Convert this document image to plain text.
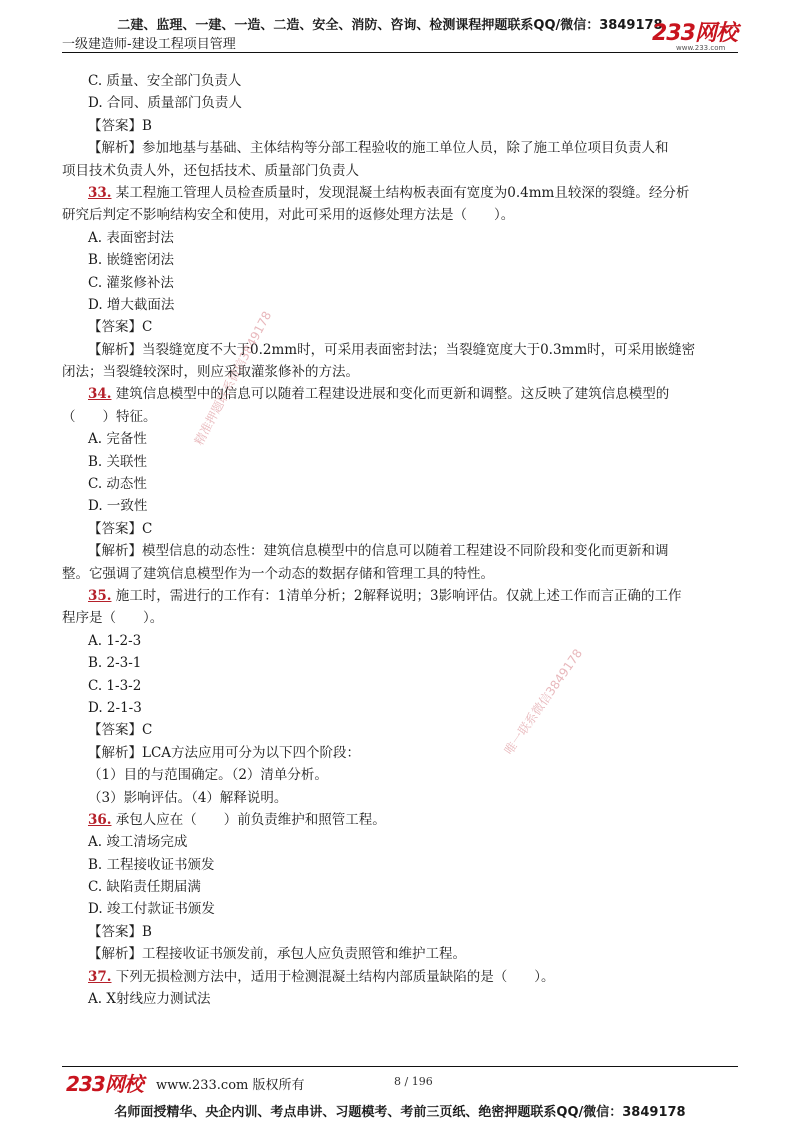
二建、监理、一建、一造、二造、安全、消防、咨询、检测课程押题联系QQ/微信：3849178
一级建造师-建设工程项目管理	233网校
www.233.com
精准押题联系微信3849178
唯一联系微信3849178
C. 质量、安全部门负责人
D. 合同、质量部门负责人
【答案】B
【解析】参加地基与基础、主体结构等分部工程验收的施工单位人员，除了施工单位项目负责人和
项目技术负责人外，还包括技术、质量部门负责人
33. 某工程施工管理人员检查质量时，发现混凝土结构板表面有宽度为0.4mm且较深的裂缝。经分析
研究后判定不影响结构安全和使用，对此可采用的返修处理方法是（　　）。
A. 表面密封法
B. 嵌缝密闭法
C. 灌浆修补法
D. 增大截面法
【答案】C
【解析】当裂缝宽度不大于0.2mm时，可采用表面密封法；当裂缝宽度大于0.3mm时，可采用嵌缝密
闭法；当裂缝较深时，则应采取灌浆修补的方法。
34. 建筑信息模型中的信息可以随着工程建设进展和变化而更新和调整。这反映了建筑信息模型的
（　　）特征。
A. 完备性
B. 关联性
C. 动态性
D. 一致性
【答案】C
【解析】模型信息的动态性：建筑信息模型中的信息可以随着工程建设不同阶段和变化而更新和调
整。它强调了建筑信息模型作为一个动态的数据存储和管理工具的特性。
35. 施工时，需进行的工作有：1清单分析；2解释说明；3影响评估。仅就上述工作而言正确的工作
程序是（　　）。
A. 1-2-3
B. 2-3-1
C. 1-3-2
D. 2-1-3
【答案】C
【解析】LCA方法应用可分为以下四个阶段：
（1）目的与范围确定。（2）清单分析。
（3）影响评估。（4）解释说明。
36. 承包人应在（　　）前负责维护和照管工程。
A. 竣工清场完成
B. 工程接收证书颁发
C. 缺陷责任期届满
D. 竣工付款证书颁发
【答案】B
【解析】工程接收证书颁发前，承包人应负责照管和维护工程。
37. 下列无损检测方法中，适用于检测混凝土结构内部质量缺陷的是（　　）。
A. X射线应力测试法
233网校 www.233.com 版权所有	8 / 196
名师面授精华、央企内训、考点串讲、习题模考、考前三页纸、绝密押题联系QQ/微信：3849178
